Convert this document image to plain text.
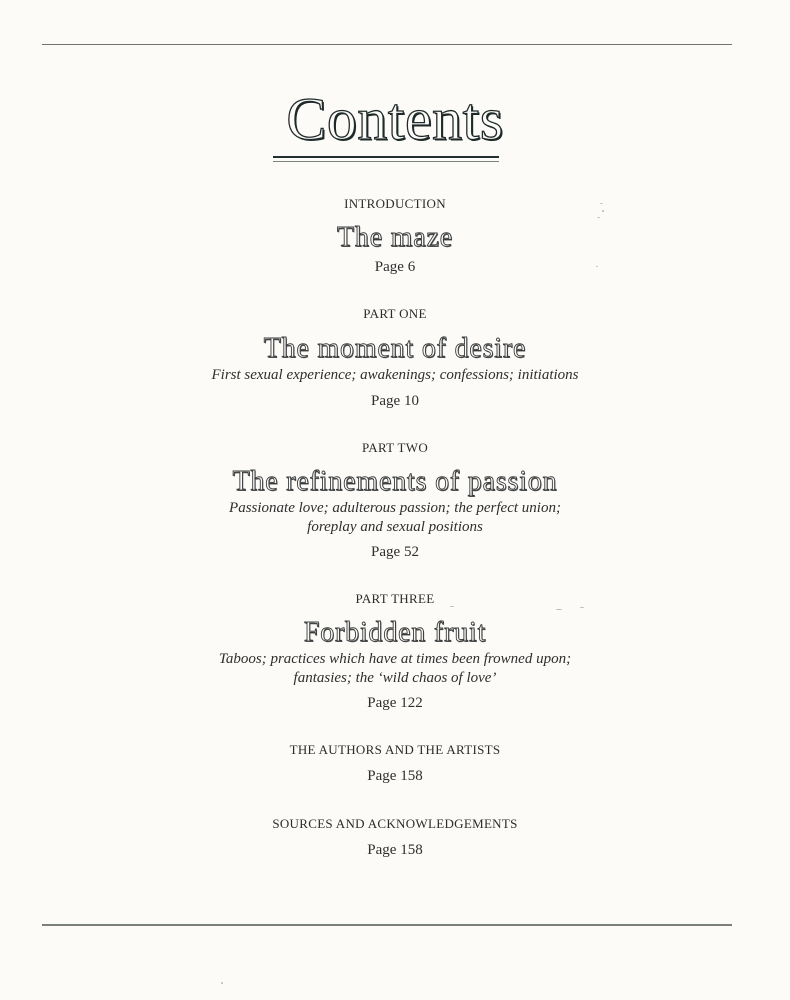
Contents
INTRODUCTION
The maze
Page 6
PART ONE
The moment of desire
First sexual experience; awakenings; confessions; initiations
Page 10
PART TWO
The refinements of passion
Passionate love; adulterous passion; the perfect union;
foreplay and sexual positions
Page 52
PART THREE
Forbidden fruit
Taboos; practices which have at times been frowned upon;
fantasies; the ‘wild chaos of love’
Page 122
THE AUTHORS AND THE ARTISTS
Page 158
SOURCES AND ACKNOWLEDGEMENTS
Page 158
